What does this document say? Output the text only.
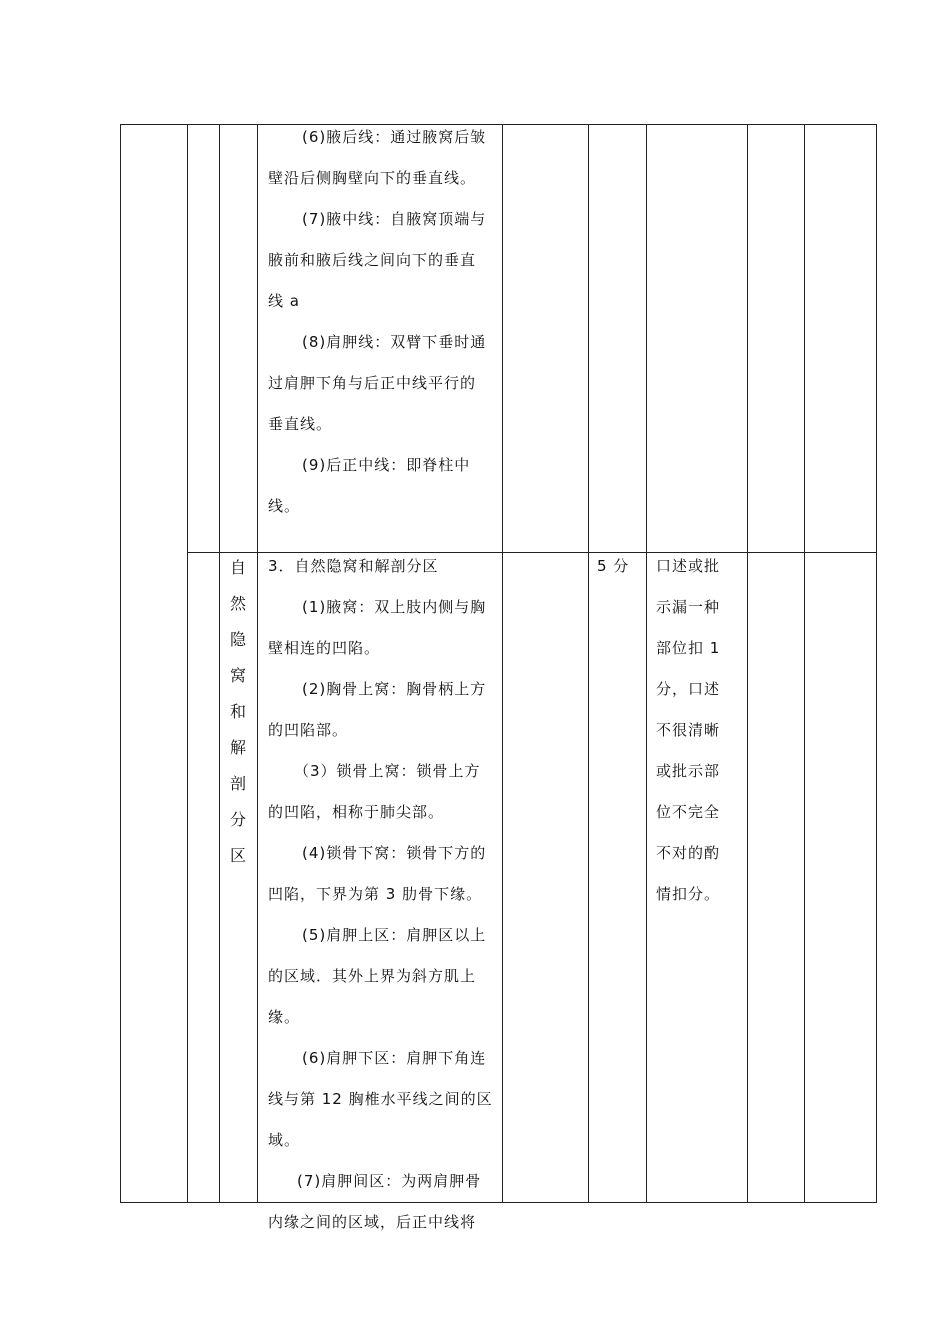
(6)腋后线：通过腋窝后皱
壁沿后侧胸壁向下的垂直线。
(7)腋中线：自腋窝顶端与
腋前和腋后线之间向下的垂直
线 a
(8)肩胛线：双臂下垂时通
过肩胛下角与后正中线平行的
垂直线。
(9)后正中线：即脊柱中
线。
自
然
隐
窝
和
解
剖
分
区
3．自然隐窝和解剖分区
(1)腋窝：双上肢内侧与胸
壁相连的凹陷。
(2)胸骨上窝：胸骨柄上方
的凹陷部。
（3）锁骨上窝：锁骨上方
的凹陷，相称于肺尖部。
(4)锁骨下窝：锁骨下方的
凹陷，下界为第 3 肋骨下缘。
(5)肩胛上区：肩胛区以上
的区域．其外上界为斜方肌上
缘。
(6)肩胛下区：肩胛下角连
线与第 12 胸椎水平线之间的区
域。
(7)肩胛间区：为两肩胛骨
内缘之间的区域，后正中线将
5 分 口述或批
示漏一种
部位扣 1
分，口述
不很清晰
或批示部
位不完全
不对的酌
情扣分。
